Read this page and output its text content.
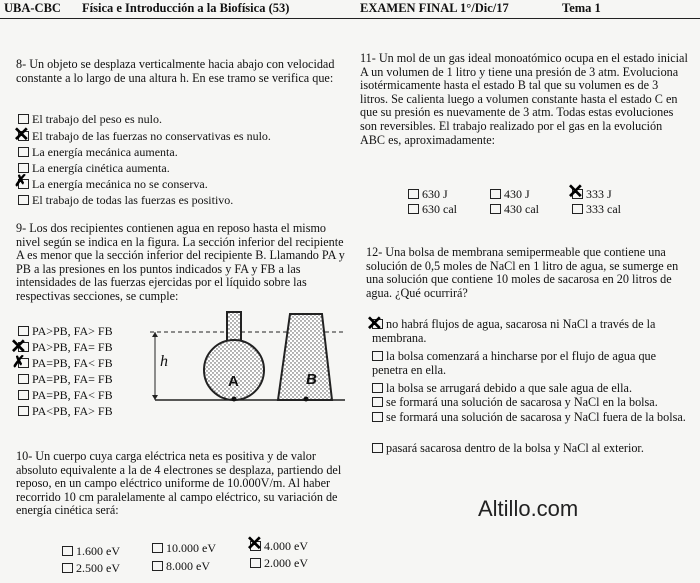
UBA-CBC Física e Introducción a la Biofísica (53)	EXAMEN FINAL 1°/Dic/17	Tema 1

8- Un objeto se desplaza verticalmente hacia abajo con velocidad constante a lo largo de una altura h. En ese tramo se verifica que:

El trabajo del peso es nulo.
El trabajo de las fuerzas no conservativas es nulo.
La energía mecánica aumenta.
La energía cinética aumenta.
La energía mecánica no se conserva.
El trabajo de todas las fuerzas es positivo.
✕
✗

9- Los dos recipientes contienen agua en reposo hasta el mismo nivel según se indica en la figura. La sección inferior del recipiente A es menor que la sección inferior del recipiente B. Llamando PA y PB a las presiones en los puntos indicados y FA y FB a las intensidades de las fuerzas ejercidas por el líquido sobre las respectivas secciones, se cumple:

PA>PB, FA> FB
PA>PB, FA= FB
PA=PB, FA< FB
PA=PB, FA= FB
PA=PB, FA< FB
PA<PB, FA> FB
✕
✗	h
A	B

10- Un cuerpo cuya carga eléctrica neta es positiva y de valor absoluto equivalente a la de 4 electrones se desplaza, partiendo del reposo, en un campo eléctrico uniforme de 10.000V/m. Al haber recorrido 10 cm paralelamente al campo eléctrico, su variación de energía cinética será:

1.600 eV	10.000 eV	4.000 eV
2.500 eV	8.000 eV	2.000 eV
✕

11- Un mol de un gas ideal monoatómico ocupa en el estado inicial A un volumen de 1 litro y tiene una presión de 3 atm. Evoluciona isotérmicamente hasta el estado B tal que su volumen es de 3 litros. Se calienta luego a volumen constante hasta el estado C en que su presión es nuevamente de 3 atm. Todas estas evoluciones son reversibles. El trabajo realizado por el gas en la evolución ABC es, aproximadamente:

630 J	430 J	333 J
630 cal	430 cal	333 cal
✕

12- Una bolsa de membrana semipermeable que contiene una solución de 0,5 moles de NaCl en 1 litro de agua, se sumerge en una solución que contiene 10 moles de sacarosa en 20 litros de agua. ¿Qué ocurrirá?

no habrá flujos de agua, sacarosa ni NaCl a través de la membrana.
la bolsa comenzará a hincharse por el flujo de agua que penetra en ella.
la bolsa se arrugará debido a que sale agua de ella.
se formará una solución de sacarosa y NaCl en la bolsa.
se formará una solución de sacarosa y NaCl fuera de la bolsa.
pasará sacarosa dentro de la bolsa y NaCl al exterior.
✕
Altillo.com
